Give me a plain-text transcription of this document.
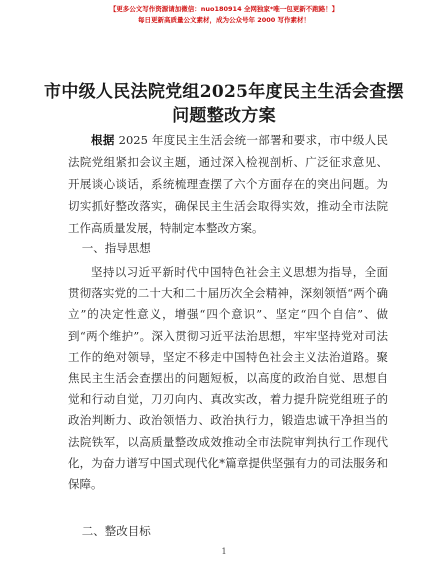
【更多公文写作资源请加微信：nuo180914 全网独家*唯一包更新不跑路！】
每日更新高质量公文素材，成为公众号年 2000 写作素材！
市中级人民法院党组2025年度民主生活会查摆问题整改方案
根据 2025 年度民主生活会统一部署和要求，市中级人民法院党组紧扣会议主题，通过深入检视剖析、广泛征求意见、开展谈心谈话，系统梳理查摆了六个方面存在的突出问题。为切实抓好整改落实，确保民主生活会取得实效，推动全市法院工作高质量发展，特制定本整改方案。
一、指导思想
坚持以习近平新时代中国特色社会主义思想为指导，全面贯彻落实党的二十大和二十届历次全会精神，深刻领悟“两个确立”的决定性意义，增强“四个意识”、坚定“四个自信”、做到“两个维护”。深入贯彻习近平法治思想，牢牢坚持党对司法工作的绝对领导，坚定不移走中国特色社会主义法治道路。聚焦民主生活会查摆出的问题短板，以高度的政治自觉、思想自觉和行动自觉，刀刃向内、真改实改，着力提升院党组班子的政治判断力、政治领悟力、政治执行力，锻造忠诚干净担当的法院铁军，以高质量整改成效推动全市法院审判执行工作现代化，为奋力谱写中国式现代化*篇章提供坚强有力的司法服务和保障。
二、整改目标
1
